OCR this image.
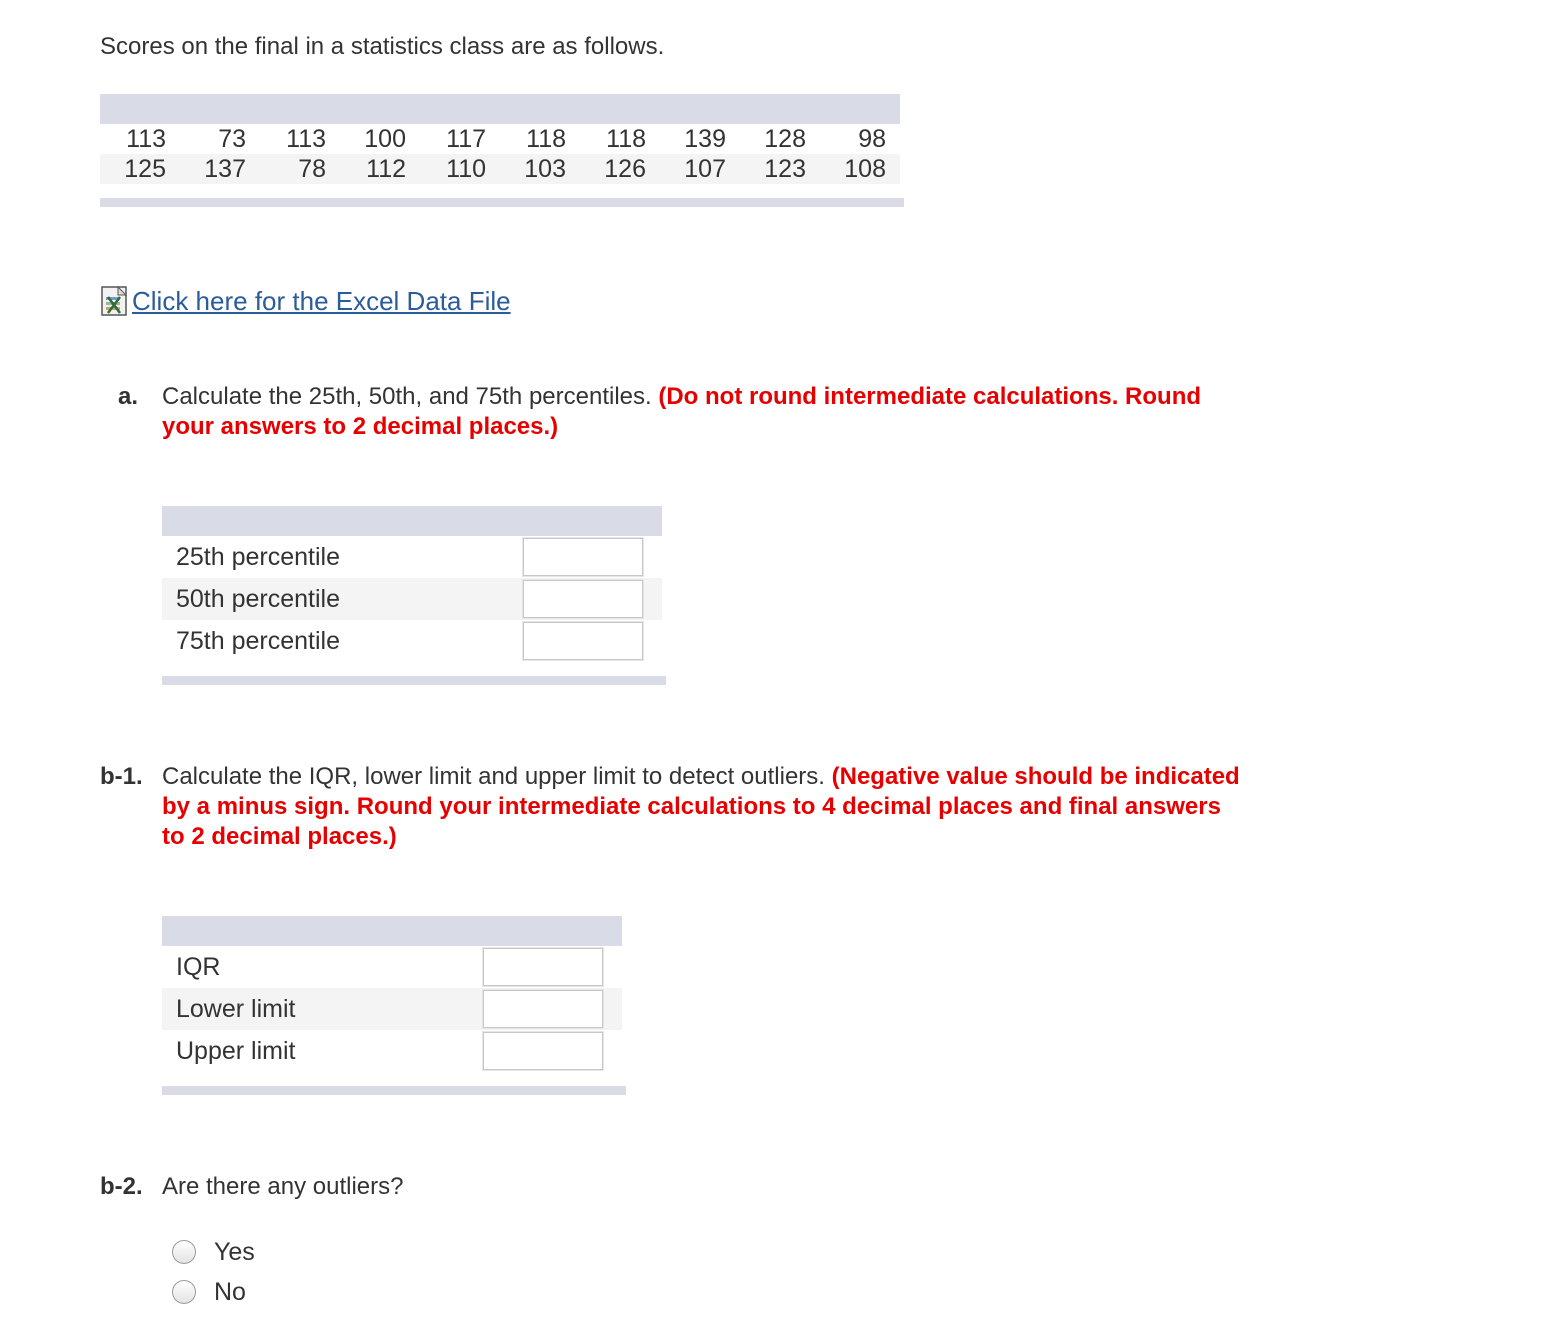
Scores on the final in a statistics class are as follows.
113	73	113	100	117	118	118	139	128	98
125	137	78	112	110	103	126	107	123	108
Click here for the Excel Data File
a. Calculate the 25th, 50th, and 75th percentiles. (Do not round intermediate calculations. Round
your answers to 2 decimal places.)
25th percentile
50th percentile
75th percentile
b-1. Calculate the IQR, lower limit and upper limit to detect outliers. (Negative value should be indicated
by a minus sign. Round your intermediate calculations to 4 decimal places and final answers
to 2 decimal places.)
IQR
Lower limit
Upper limit
b-2. Are there any outliers?
Yes
No
